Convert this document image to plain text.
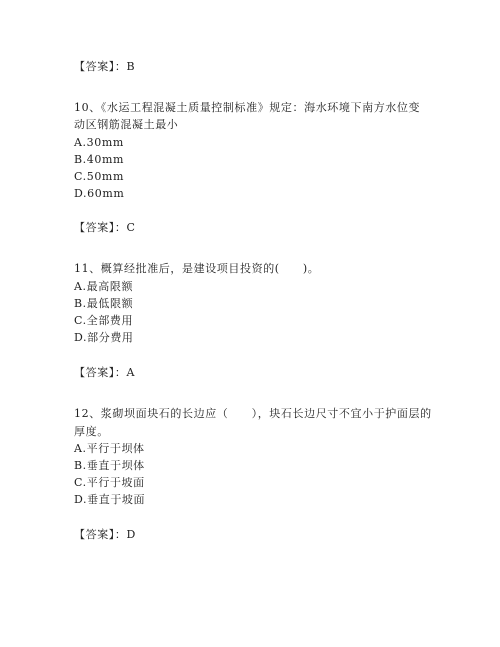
【答案】：B
10、《水运工程混凝土质量控制标准》规定：海水环境下南方水位变
动区钢筋混凝土最小
A.30mm
B.40mm
C.50mm
D.60mm
【答案】：C
11、概算经批准后，是建设项目投资的(　　)。
A.最高限额
B.最低限额
C.全部费用
D.部分费用
【答案】：A
12、浆砌坝面块石的长边应（　　），块石长边尺寸不宜小于护面层的
厚度。
A.平行于坝体
B.垂直于坝体
C.平行于坡面
D.垂直于坡面
【答案】：D
